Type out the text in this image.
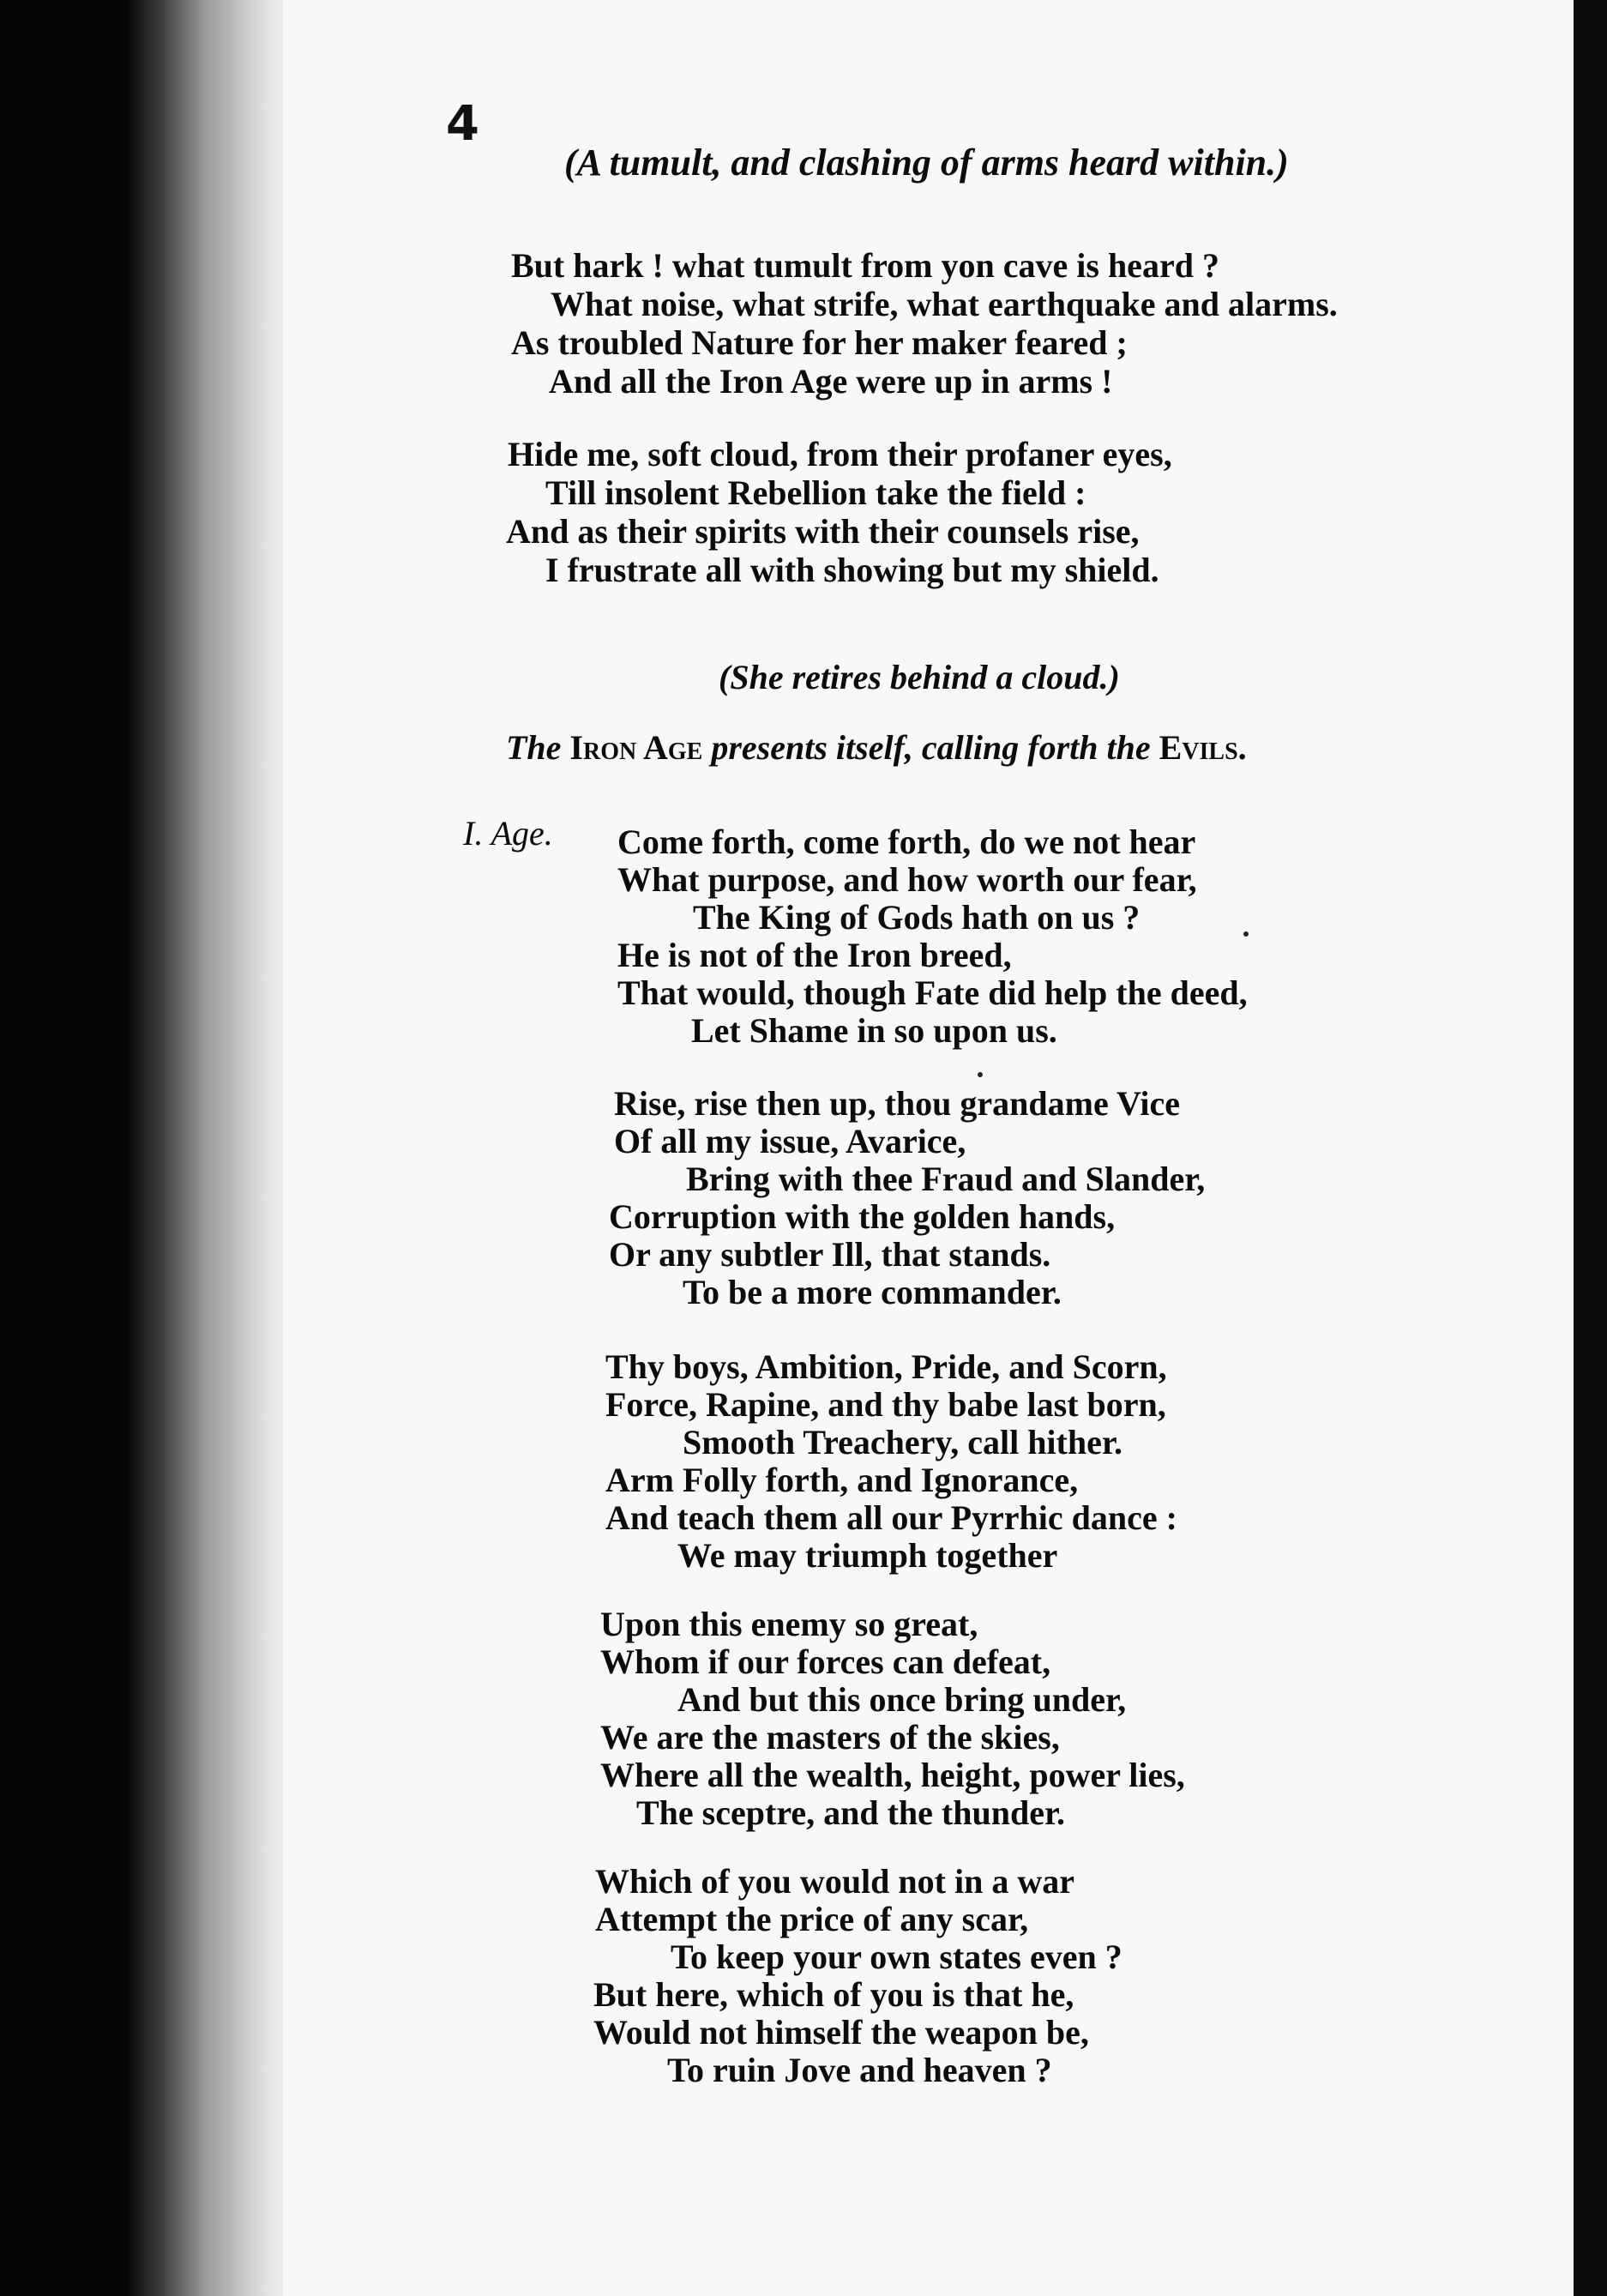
4
(A tumult, and clashing of arms heard within.)
But hark ! what tumult from yon cave is heard ?
What noise, what strife, what earthquake and alarms.
As troubled Nature for her maker feared ;
And all the Iron Age were up in arms !
Hide me, soft cloud, from their profaner eyes,
Till insolent Rebellion take the field :
And as their spirits with their counsels rise,
I frustrate all with showing but my shield.
(She retires behind a cloud.)
The Iron Age presents itself, calling forth the Evils.
I. Age. Come forth, come forth, do we not hear
What purpose, and how worth our fear,
The King of Gods hath on us ?
He is not of the Iron breed,
That would, though Fate did help the deed,
Let Shame in so upon us.
Rise, rise then up, thou grandame Vice
Of all my issue, Avarice,
Bring with thee Fraud and Slander,
Corruption with the golden hands,
Or any subtler Ill, that stands.
To be a more commander.
Thy boys, Ambition, Pride, and Scorn,
Force, Rapine, and thy babe last born,
Smooth Treachery, call hither.
Arm Folly forth, and Ignorance,
And teach them all our Pyrrhic dance :
We may triumph together
Upon this enemy so great,
Whom if our forces can defeat,
And but this once bring under,
We are the masters of the skies,
Where all the wealth, height, power lies,
The sceptre, and the thunder.
Which of you would not in a war
Attempt the price of any scar,
To keep your own states even ?
But here, which of you is that he,
Would not himself the weapon be,
To ruin Jove and heaven ?
